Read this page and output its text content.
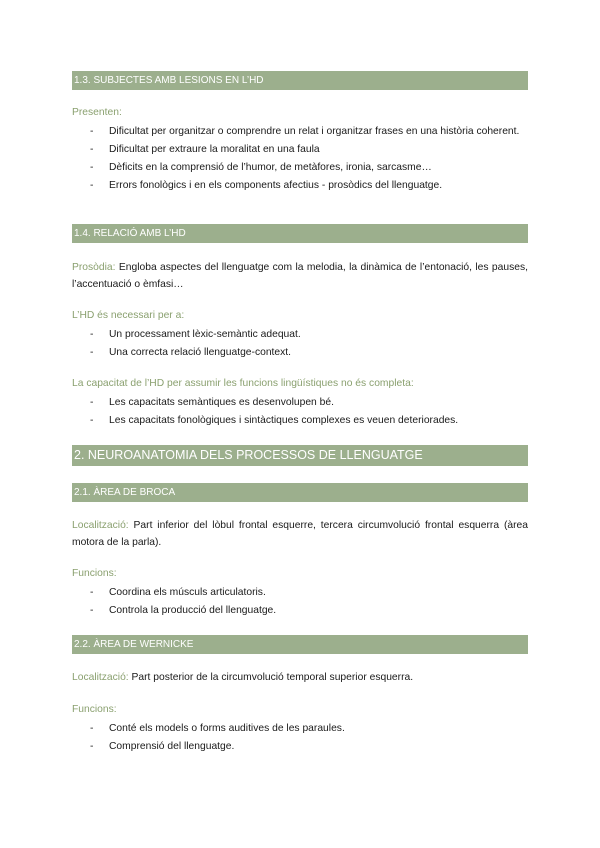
1.3. SUBJECTES AMB LESIONS EN L’HD
Presenten:
- Dificultat per organitzar o comprendre un relat i organitzar frases en una història coherent.
- Dificultat per extraure la moralitat en una faula
- Dèficits en la comprensió de l’humor, de metàfores, ironia, sarcasme…
- Errors fonològics i en els components afectius - prosòdics del llenguatge.
1.4. RELACIÓ AMB L’HD
Prosòdia: Engloba aspectes del llenguatge com la melodia, la dinàmica de l’entonació, les pauses, l’accentuació o èmfasi…
L’HD és necessari per a:
- Un processament lèxic-semàntic adequat.
- Una correcta relació llenguatge-context.
La capacitat de l’HD per assumir les funcions lingüístiques no és completa:
- Les capacitats semàntiques es desenvolupen bé.
- Les capacitats fonològiques i sintàctiques complexes es veuen deteriorades.
2. NEUROANATOMIA DELS PROCESSOS DE LLENGUATGE
2.1. ÀREA DE BROCA
Localització: Part inferior del lòbul frontal esquerre, tercera circumvolució frontal esquerra (àrea motora de la parla).
Funcions:
- Coordina els músculs articulatoris.
- Controla la producció del llenguatge.
2.2. ÀREA DE WERNICKE
Localització: Part posterior de la circumvolució temporal superior esquerra.
Funcions:
- Conté els models o forms auditives de les paraules.
- Comprensió del llenguatge.
